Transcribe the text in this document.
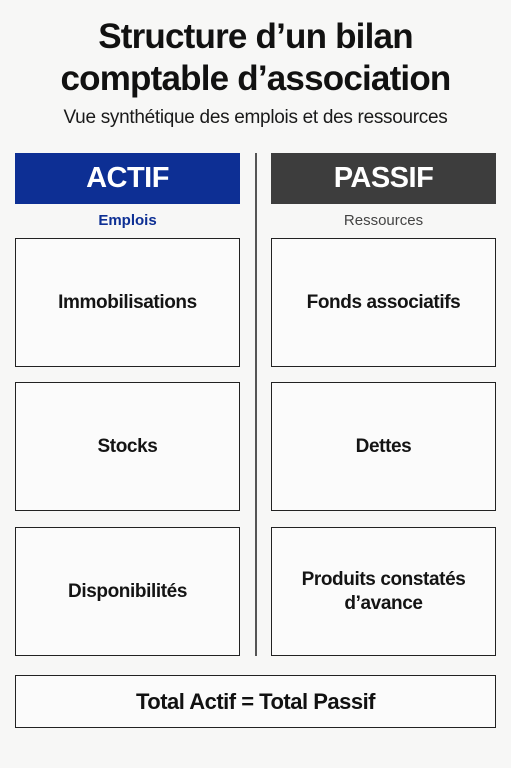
Structure d’un bilan
comptable d’association
Vue synthétique des emplois et des ressources
ACTIF	PASSIF
Emplois	Ressources
Immobilisations
Stocks
Disponibilités
Fonds associatifs
Dettes
Produits constatés
d’avance
Total Actif = Total Passif
